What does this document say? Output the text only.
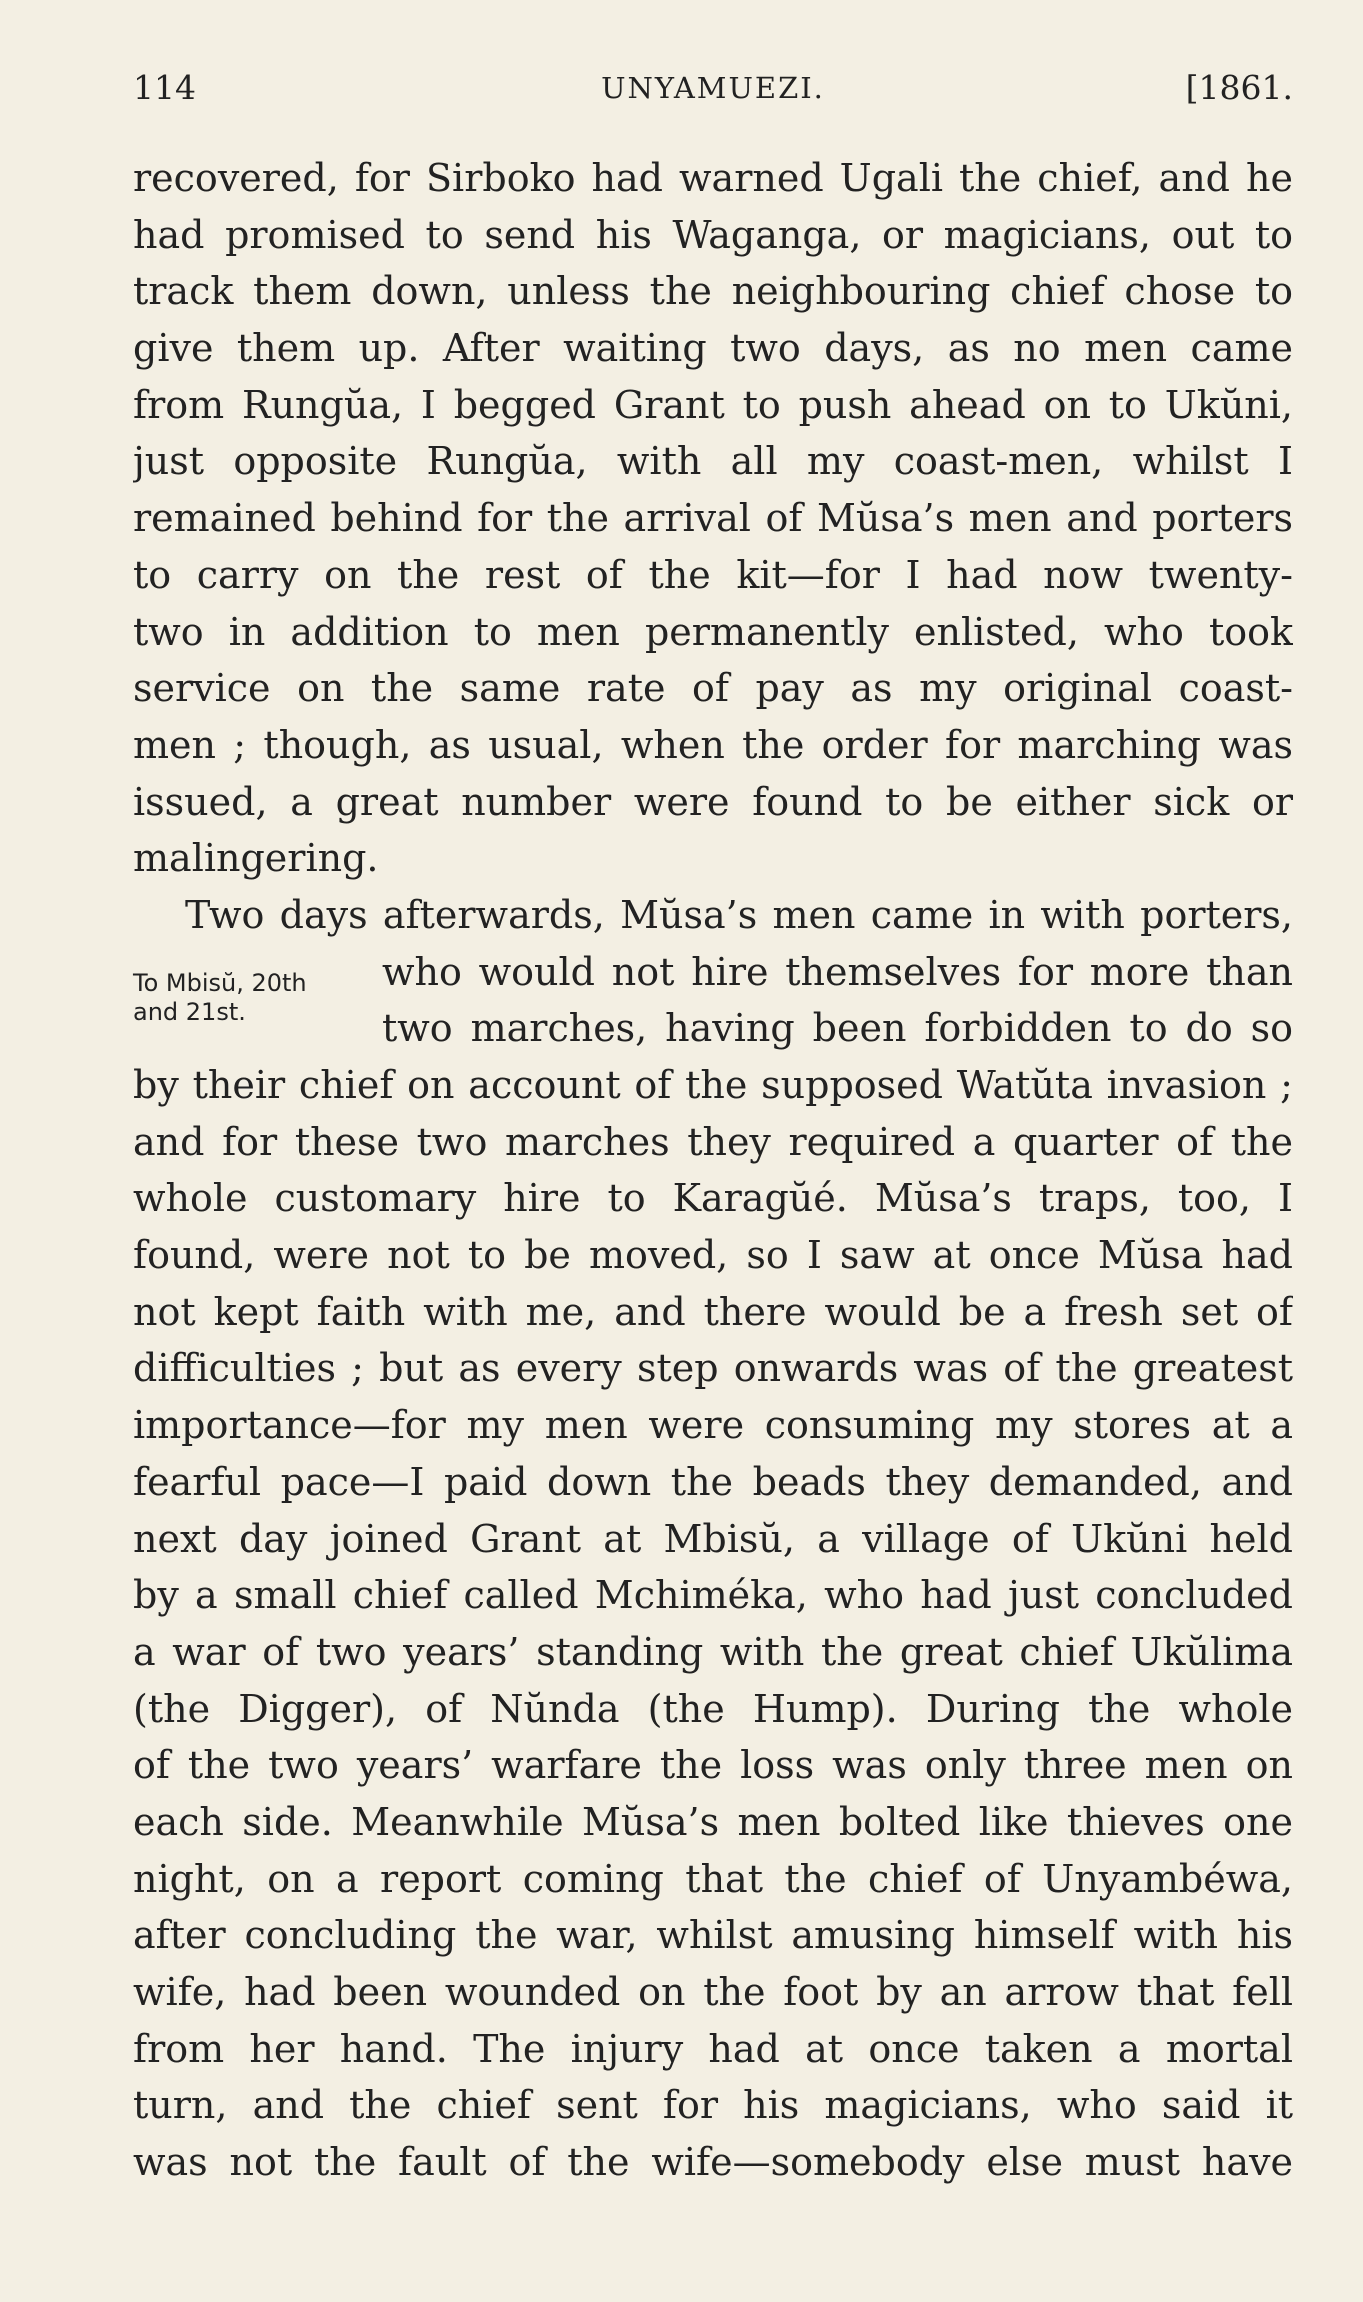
114	UNYAMUEZI.	[1861.
To Mbisŭ, 20th
and 21st.
recovered, for Sirboko had warned Ugali the chief, and he
had promised to send his Waganga, or magicians, out to
track them down, unless the neighbouring chief chose to
give them up. After waiting two days, as no men came
from Rungŭa, I begged Grant to push ahead on to Ukŭni,
just opposite Rungŭa, with all my coast-men, whilst I
remained behind for the arrival of Mŭsa’s men and porters
to carry on the rest of the kit—for I had now twenty-
two in addition to men permanently enlisted, who took
service on the same rate of pay as my original coast-
men ; though, as usual, when the order for marching was
issued, a great number were found to be either sick or
malingering.
Two days afterwards, Mŭsa’s men came in with porters,
who would not hire themselves for more than
two marches, having been forbidden to do so
by their chief on account of the supposed Watŭta invasion ;
and for these two marches they required a quarter of the
whole customary hire to Karagŭé. Mŭsa’s traps, too, I
found, were not to be moved, so I saw at once Mŭsa had
not kept faith with me, and there would be a fresh set of
difficulties ; but as every step onwards was of the greatest
importance—for my men were consuming my stores at a
fearful pace—I paid down the beads they demanded, and
next day joined Grant at Mbisŭ, a village of Ukŭni held
by a small chief called Mchiméka, who had just concluded
a war of two years’ standing with the great chief Ukŭlima
(the Digger), of Nŭnda (the Hump). During the whole
of the two years’ warfare the loss was only three men on
each side. Meanwhile Mŭsa’s men bolted like thieves one
night, on a report coming that the chief of Unyambéwa,
after concluding the war, whilst amusing himself with his
wife, had been wounded on the foot by an arrow that fell
from her hand. The injury had at once taken a mortal
turn, and the chief sent for his magicians, who said it
was not the fault of the wife—somebody else must have
